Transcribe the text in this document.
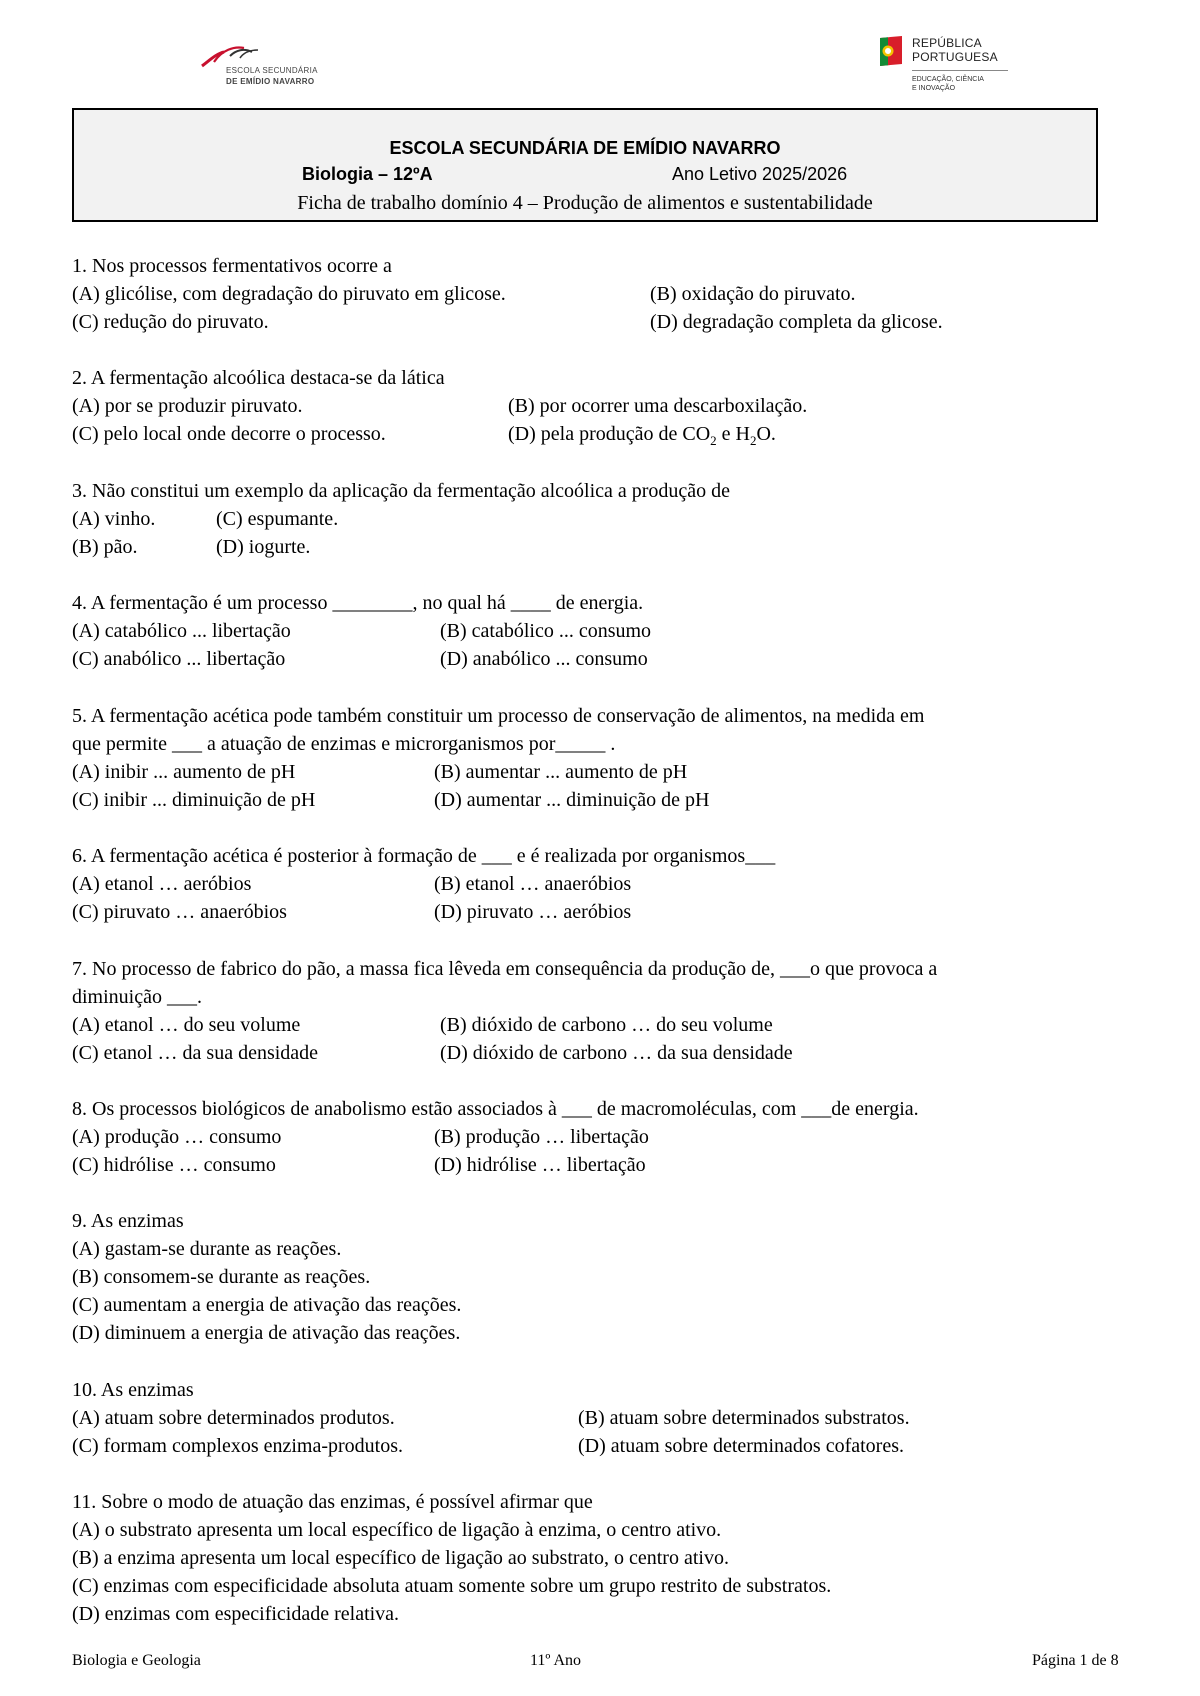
ESCOLA SECUNDÁRIA
DE EMÍDIO NAVARRO
REPÚBLICA
PORTUGUESA
EDUCAÇÃO, CIÊNCIA
E INOVAÇÃO
ESCOLA SECUNDÁRIA DE EMÍDIO NAVARRO
Biologia – 12ºA	Ano Letivo 2025/2026
Ficha de trabalho domínio 4 – Produção de alimentos e sustentabilidade
1. Nos processos fermentativos ocorre a
(A) glicólise, com degradação do piruvato em glicose.	(B) oxidação do piruvato.
(C) redução do piruvato.	(D) degradação completa da glicose.
2. A fermentação alcoólica destaca-se da lática
(A) por se produzir piruvato.	(B) por ocorrer uma descarboxilação.
(C) pelo local onde decorre o processo.	(D) pela produção de $CO_2$ e $H_2O$.
3. Não constitui um exemplo da aplicação da fermentação alcoólica a produção de
(A) vinho.	(C) espumante.
(B) pão.	(D) iogurte.
4. A fermentação é um processo ________, no qual há ____ de energia.
(A) catabólico ... libertação	(B) catabólico ... consumo
(C) anabólico ... libertação	(D) anabólico ... consumo
5. A fermentação acética pode também constituir um processo de conservação de alimentos, na medida em
que permite ___ a atuação de enzimas e microrganismos por_____ .
(A) inibir ... aumento de pH	(B) aumentar ... aumento de pH
(C) inibir ... diminuição de pH	(D) aumentar ... diminuição de pH
6. A fermentação acética é posterior à formação de ___ e é realizada por organismos___
(A) etanol … aeróbios	(B) etanol … anaeróbios
(C) piruvato … anaeróbios	(D) piruvato … aeróbios
7. No processo de fabrico do pão, a massa fica lêveda em consequência da produção de, ___o que provoca a
diminuição ___.
(A) etanol … do seu volume	(B) dióxido de carbono … do seu volume
(C) etanol … da sua densidade	(D) dióxido de carbono … da sua densidade
8. Os processos biológicos de anabolismo estão associados à ___ de macromoléculas, com ___de energia.
(A) produção … consumo	(B) produção … libertação
(C) hidrólise … consumo	(D) hidrólise … libertação
9. As enzimas
(A) gastam-se durante as reações.
(B) consomem-se durante as reações.
(C) aumentam a energia de ativação das reações.
(D) diminuem a energia de ativação das reações.
10. As enzimas
(A) atuam sobre determinados produtos.	(B) atuam sobre determinados substratos.
(C) formam complexos enzima-produtos.	(D) atuam sobre determinados cofatores.
11. Sobre o modo de atuação das enzimas, é possível afirmar que
(A) o substrato apresenta um local específico de ligação à enzima, o centro ativo.
(B) a enzima apresenta um local específico de ligação ao substrato, o centro ativo.
(C) enzimas com especificidade absoluta atuam somente sobre um grupo restrito de substratos.
(D) enzimas com especificidade relativa.
Biologia e Geologia	11º Ano	Página 1 de 8
